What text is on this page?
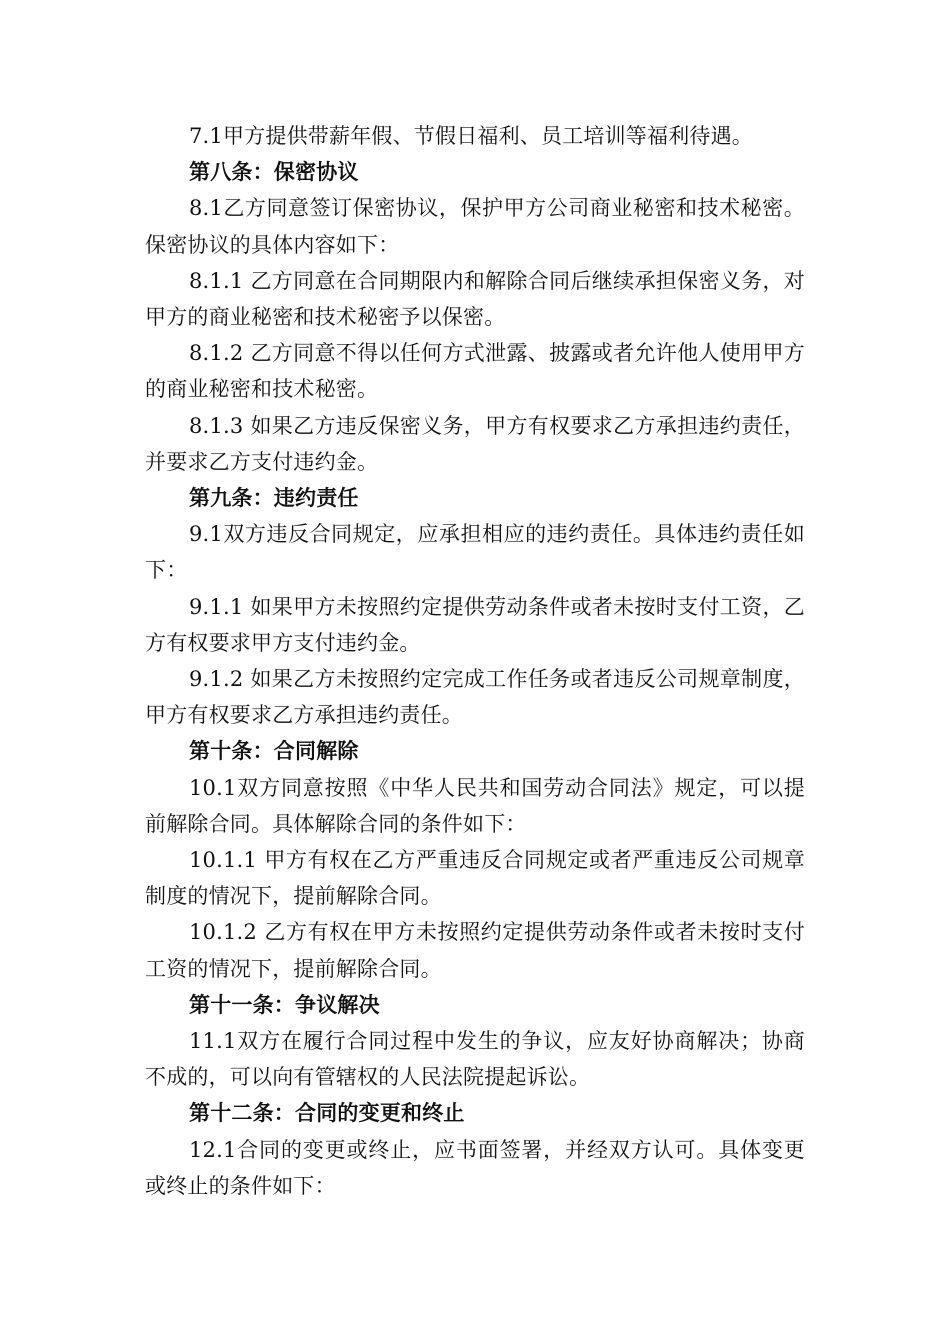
7.1甲方提供带薪年假、节假日福利、员工培训等福利待遇。

第八条：保密协议

8.1乙方同意签订保密协议，保护甲方公司商业秘密和技术秘密。保密协议的具体内容如下：

8.1.1 乙方同意在合同期限内和解除合同后继续承担保密义务，对甲方的商业秘密和技术秘密予以保密。

8.1.2 乙方同意不得以任何方式泄露、披露或者允许他人使用甲方的商业秘密和技术秘密。

8.1.3 如果乙方违反保密义务，甲方有权要求乙方承担违约责任，并要求乙方支付违约金。

第九条：违约责任

9.1双方违反合同规定，应承担相应的违约责任。具体违约责任如下：

9.1.1 如果甲方未按照约定提供劳动条件或者未按时支付工资，乙方有权要求甲方支付违约金。

9.1.2 如果乙方未按照约定完成工作任务或者违反公司规章制度，甲方有权要求乙方承担违约责任。

第十条：合同解除

10.1双方同意按照《中华人民共和国劳动合同法》规定，可以提前解除合同。具体解除合同的条件如下：

10.1.1 甲方有权在乙方严重违反合同规定或者严重违反公司规章制度的情况下，提前解除合同。

10.1.2 乙方有权在甲方未按照约定提供劳动条件或者未按时支付工资的情况下，提前解除合同。

第十一条：争议解决

11.1双方在履行合同过程中发生的争议，应友好协商解决；协商不成的，可以向有管辖权的人民法院提起诉讼。

第十二条：合同的变更和终止

12.1合同的变更或终止，应书面签署，并经双方认可。具体变更或终止的条件如下：
